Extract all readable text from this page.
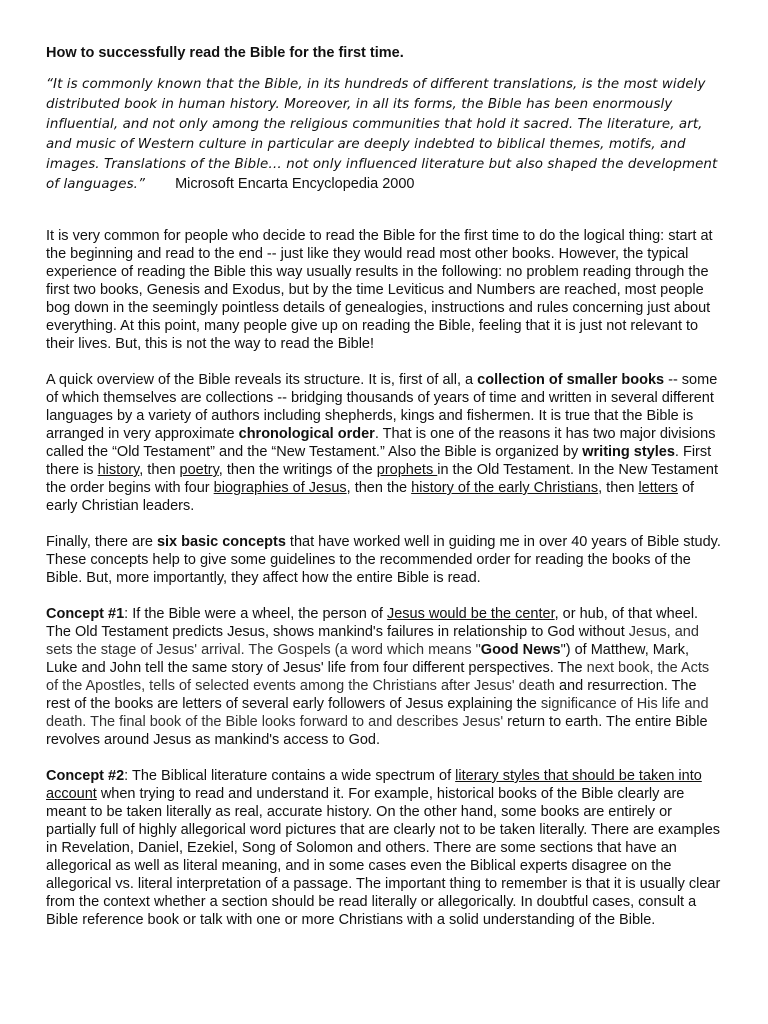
How to successfully read the Bible for the first time.
“It is commonly known that the Bible, in its hundreds of different translations, is the most widely distributed book in human history. Moreover, in all its forms, the Bible has been enormously influential, and not only among the religious communities that hold it sacred. The literature, art, and music of Western culture in particular are deeply indebted to biblical themes, motifs, and images. Translations of the Bible… not only influenced literature but also shaped the development of languages.” Microsoft Encarta Encyclopedia 2000

It is very common for people who decide to read the Bible for the first time to do the logical thing: start at the beginning and read to the end -- just like they would read most other books. However, the typical experience of reading the Bible this way usually results in the following: no problem reading through the first two books, Genesis and Exodus, but by the time Leviticus and Numbers are reached, most people bog down in the seemingly pointless details of genealogies, instructions and rules concerning just about everything. At this point, many people give up on reading the Bible, feeling that it is just not relevant to their lives. But, this is not the way to read the Bible!

A quick overview of the Bible reveals its structure. It is, first of all, a collection of smaller books -- some of which themselves are collections -- bridging thousands of years of time and written in several different languages by a variety of authors including shepherds, kings and fishermen. It is true that the Bible is arranged in very approximate chronological order. That is one of the reasons it has two major divisions called the “Old Testament” and the “New Testament.” Also the Bible is organized by writing styles. First there is history, then poetry, then the writings of the prophets in the Old Testament. In the New Testament the order begins with four biographies of Jesus, then the history of the early Christians, then letters of early Christian leaders.

Finally, there are six basic concepts that have worked well in guiding me in over 40 years of Bible study. These concepts help to give some guidelines to the recommended order for reading the books of the Bible. But, more importantly, they affect how the entire Bible is read.

Concept #1: If the Bible were a wheel, the person of Jesus would be the center, or hub, of that wheel. The Old Testament predicts Jesus, shows mankind's failures in relationship to God without Jesus, and sets the stage of Jesus' arrival. The Gospels (a word which means "Good News") of Matthew, Mark, Luke and John tell the same story of Jesus' life from four different perspectives. The next book, the Acts of the Apostles, tells of selected events among the Christians after Jesus' death and resurrection. The rest of the books are letters of several early followers of Jesus explaining the significance of His life and death. The final book of the Bible looks forward to and describes Jesus' return to earth. The entire Bible revolves around Jesus as mankind's access to God.

Concept #2: The Biblical literature contains a wide spectrum of literary styles that should be taken into account when trying to read and understand it. For example, historical books of the Bible clearly are meant to be taken literally as real, accurate history. On the other hand, some books are entirely or partially full of highly allegorical word pictures that are clearly not to be taken literally. There are examples in Revelation, Daniel, Ezekiel, Song of Solomon and others. There are some sections that have an allegorical as well as literal meaning, and in some cases even the Biblical experts disagree on the allegorical vs. literal interpretation of a passage. The important thing to remember is that it is usually clear from the context whether a section should be read literally or allegorically. In doubtful cases, consult a Bible reference book or talk with one or more Christians with a solid understanding of the Bible.
